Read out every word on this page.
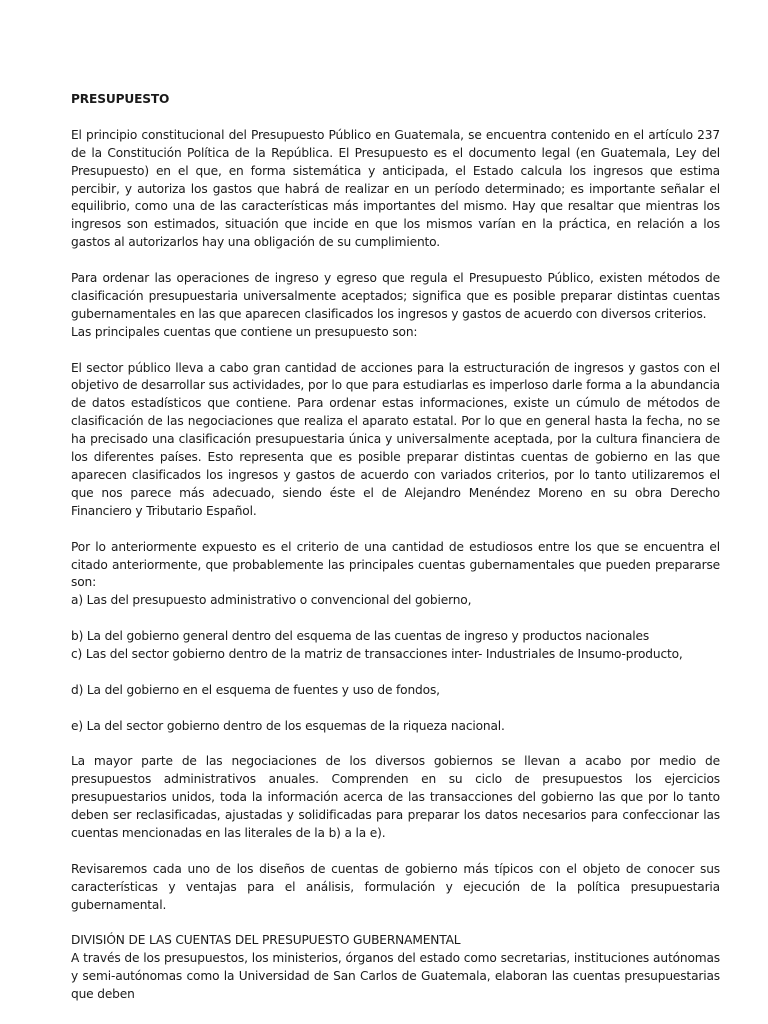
PRESUPUESTO

El principio constitucional del Presupuesto Público en Guatemala, se encuentra contenido en el artículo 237 de la Constitución Política de la República. El Presupuesto es el documento legal (en Guatemala, Ley del Presupuesto) en el que, en forma sistemática y anticipada, el Estado calcula los ingresos que estima percibir, y autoriza los gastos que habrá de realizar en un período determinado; es importante señalar el equilibrio, como una de las características más importantes del mismo. Hay que resaltar que mientras los ingresos son estimados, situación que incide en que los mismos varían en la práctica, en relación a los gastos al autorizarlos hay una obligación de su cumplimiento.

Para ordenar las operaciones de ingreso y egreso que regula el Presupuesto Público, existen métodos de clasificación presupuestaria universalmente aceptados; significa que es posible preparar distintas cuentas gubernamentales en las que aparecen clasificados los ingresos y gastos de acuerdo con diversos criterios.

Las principales cuentas que contiene un presupuesto son:

El sector público lleva a cabo gran cantidad de acciones para la estructuración de ingresos y gastos con el objetivo de desarrollar sus actividades, por lo que para estudiarlas es imperloso darle forma a la abundancia de datos estadísticos que contiene. Para ordenar estas informaciones, existe un cúmulo de métodos de clasificación de las negociaciones que realiza el aparato estatal. Por lo que en general hasta la fecha, no se ha precisado una clasificación presupuestaria única y universalmente aceptada, por la cultura financiera de los diferentes países. Esto representa que es posible preparar distintas cuentas de gobierno en las que aparecen clasificados los ingresos y gastos de acuerdo con variados criterios, por lo tanto utilizaremos el que nos parece más adecuado, siendo éste el de Alejandro Menéndez Moreno en su obra Derecho Financiero y Tributario Español.

Por lo anteriormente expuesto es el criterio de una cantidad de estudiosos entre los que se encuentra el citado anteriormente, que probablemente las principales cuentas gubernamentales que pueden prepararse son:

a) Las del presupuesto administrativo o convencional del gobierno,

b) La del gobierno general dentro del esquema de las cuentas de ingreso y productos nacionales

c) Las del sector gobierno dentro de la matriz de transacciones inter- Industriales de Insumo-producto,

d) La del gobierno en el esquema de fuentes y uso de fondos,

e) La del sector gobierno dentro de los esquemas de la riqueza nacional.

La mayor parte de las negociaciones de los diversos gobiernos se llevan a acabo por medio de presupuestos administrativos anuales. Comprenden en su ciclo de presupuestos los ejercicios presupuestarios unidos, toda la información acerca de las transacciones del gobierno las que por lo tanto deben ser reclasificadas, ajustadas y solidificadas para preparar los datos necesarios para confeccionar las cuentas mencionadas en las literales de la b) a la e).

Revisaremos cada uno de los diseños de cuentas de gobierno más típicos con el objeto de conocer sus características y ventajas para el análisis, formulación y ejecución de la política presupuestaria gubernamental.

DIVISIÓN DE LAS CUENTAS DEL PRESUPUESTO GUBERNAMENTAL

A través de los presupuestos, los ministerios, órganos del estado como secretarias, instituciones autónomas y semi-autónomas como la Universidad de San Carlos de Guatemala, elaboran las cuentas presupuestarias que deben
